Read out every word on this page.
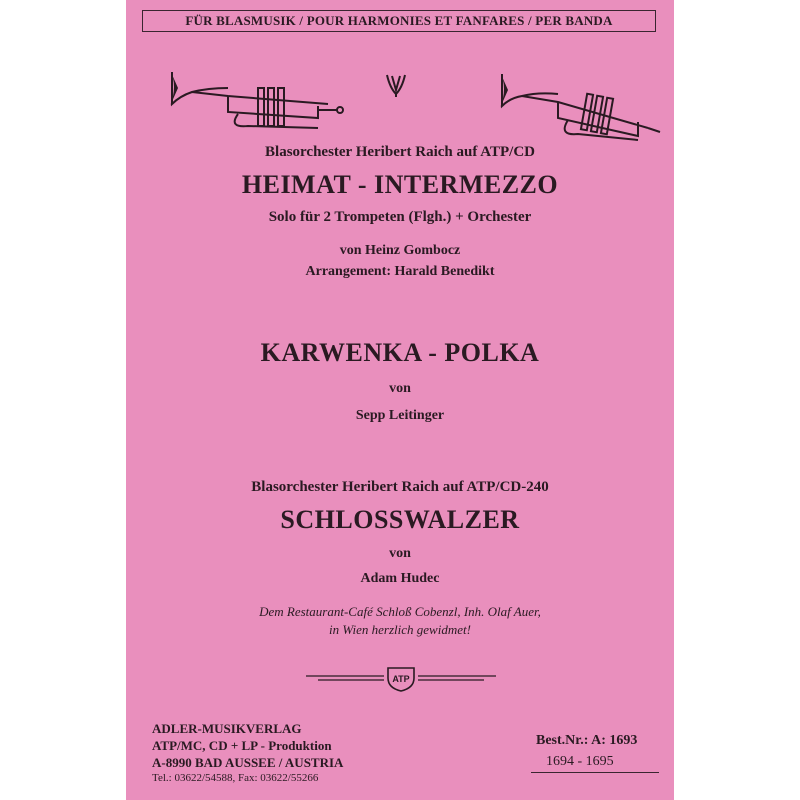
FÜR BLASMUSIK / POUR HARMONIES ET FANFARES / PER BANDA
Blasorchester Heribert Raich auf ATP/CD
HEIMAT - INTERMEZZO
Solo für 2 Trompeten (Flgh.) + Orchester
von Heinz Gombocz
Arrangement: Harald Benedikt
KARWENKA - POLKA
von
Sepp Leitinger
Blasorchester Heribert Raich auf ATP/CD-240
SCHLOSSWALZER
von
Adam Hudec
Dem Restaurant-Café Schloß Cobenzl, Inh. Olaf Auer,
in Wien herzlich gewidmet!
ATP
ADLER-MUSIKVERLAG
ATP/MC, CD + LP - Produktion
A-8990 BAD AUSSEE / AUSTRIA
Tel.: 03622/54588, Fax: 03622/55266
Best.Nr.: A: 1693
1694 - 1695
